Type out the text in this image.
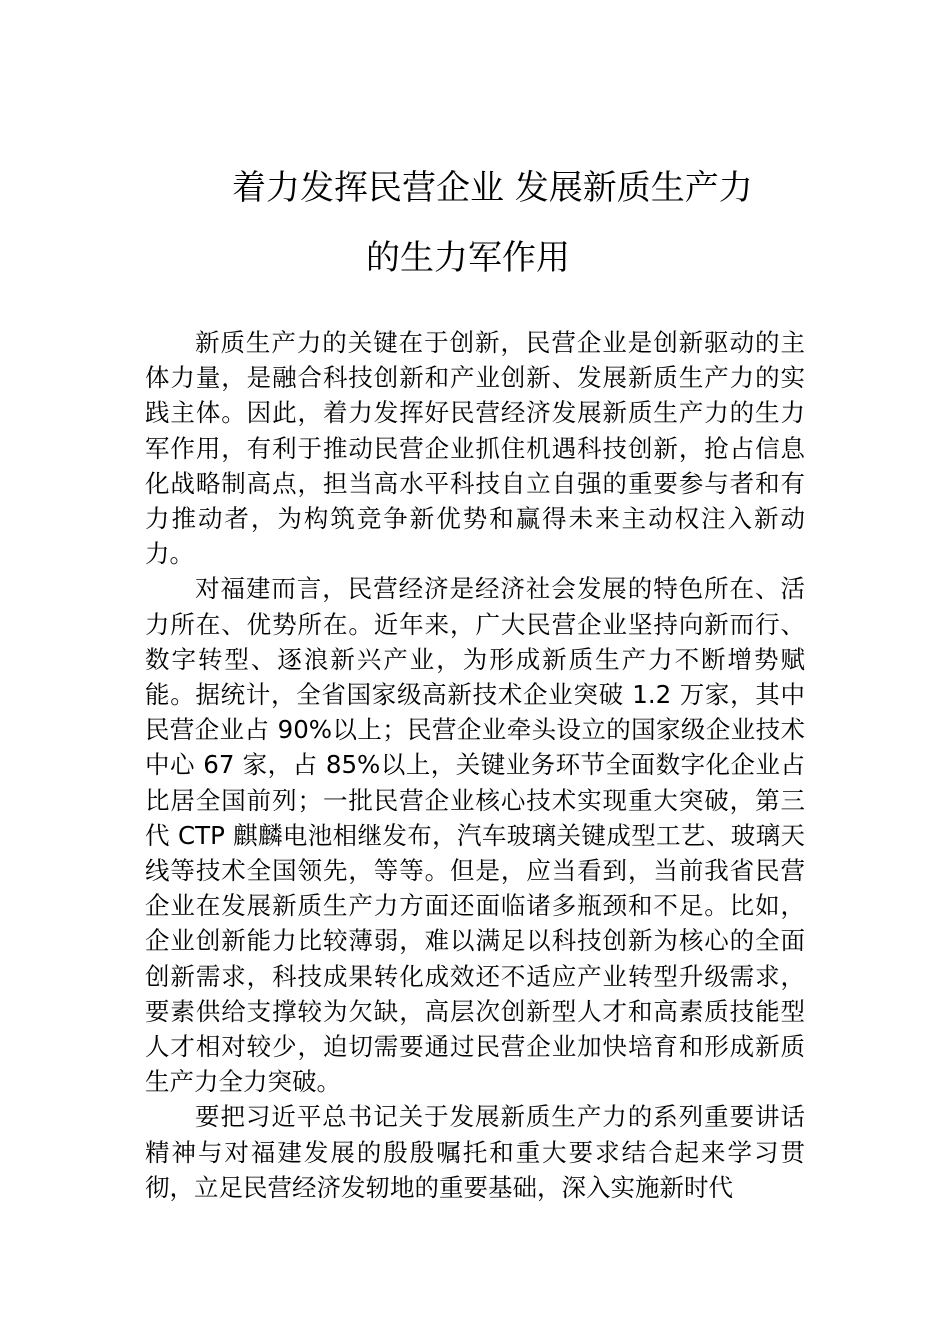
着力发挥民营企业 发展新质生产力
的生力军作用

新质生产力的关键在于创新，民营企业是创新驱动的主体力量，是融合科技创新和产业创新、发展新质生产力的实践主体。因此，着力发挥好民营经济发展新质生产力的生力军作用，有利于推动民营企业抓住机遇科技创新，抢占信息化战略制高点，担当高水平科技自立自强的重要参与者和有力推动者，为构筑竞争新优势和赢得未来主动权注入新动力。

对福建而言，民营经济是经济社会发展的特色所在、活力所在、优势所在。近年来，广大民营企业坚持向新而行、数字转型、逐浪新兴产业，为形成新质生产力不断增势赋能。据统计，全省国家级高新技术企业突破 1.2 万家，其中民营企业占 90%以上；民营企业牵头设立的国家级企业技术中心 67 家，占 85%以上，关键业务环节全面数字化企业占比居全国前列；一批民营企业核心技术实现重大突破，第三代 CTP 麒麟电池相继发布，汽车玻璃关键成型工艺、玻璃天线等技术全国领先，等等。但是，应当看到，当前我省民营企业在发展新质生产力方面还面临诸多瓶颈和不足。比如，企业创新能力比较薄弱，难以满足以科技创新为核心的全面创新需求，科技成果转化成效还不适应产业转型升级需求，要素供给支撑较为欠缺，高层次创新型人才和高素质技能型人才相对较少，迫切需要通过民营企业加快培育和形成新质生产力全力突破。

要把习近平总书记关于发展新质生产力的系列重要讲话精神与对福建发展的殷殷嘱托和重大要求结合起来学习贯彻，立足民营经济发轫地的重要基础，深入实施新时代
